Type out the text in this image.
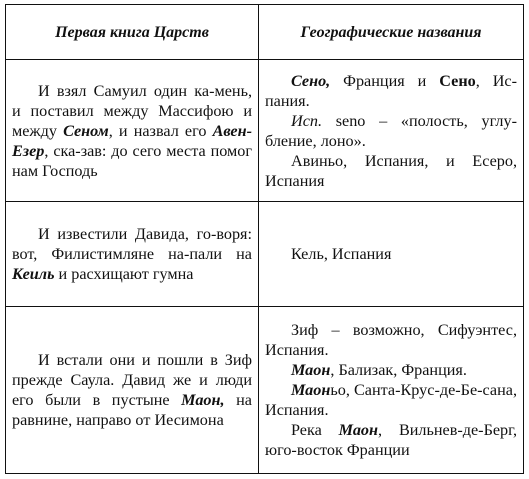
Первая книга Царств	Географические названия

И взял Самуил один ка-мень, и поставил между Массифою и между Сеном, и назвал его Авен-Езер, ска-зав: до сего места помог нам Господь	Сено, Франция и Сено, Ис-пания.

Исп. seno – «полость, углу-бление, лоно».

Авиньо, Испания, и Есеро, Испания

И известили Давида, го-воря: вот, Филистимляне на-пали на Кеиль и расхищают гумна	Кель, Испания

И встали они и пошли в Зиф прежде Саула. Давид же и люди его были в пустыне Маон, на равнине, направо от Иесимона	Зиф – возможно, Сифуэнтес, Испания.

Маон, Бализак, Франция.

Маоньо, Санта-Крус-де-Бе-сана, Испания.

Река Маон, Вильнев-де-Берг, юго-восток Франции
